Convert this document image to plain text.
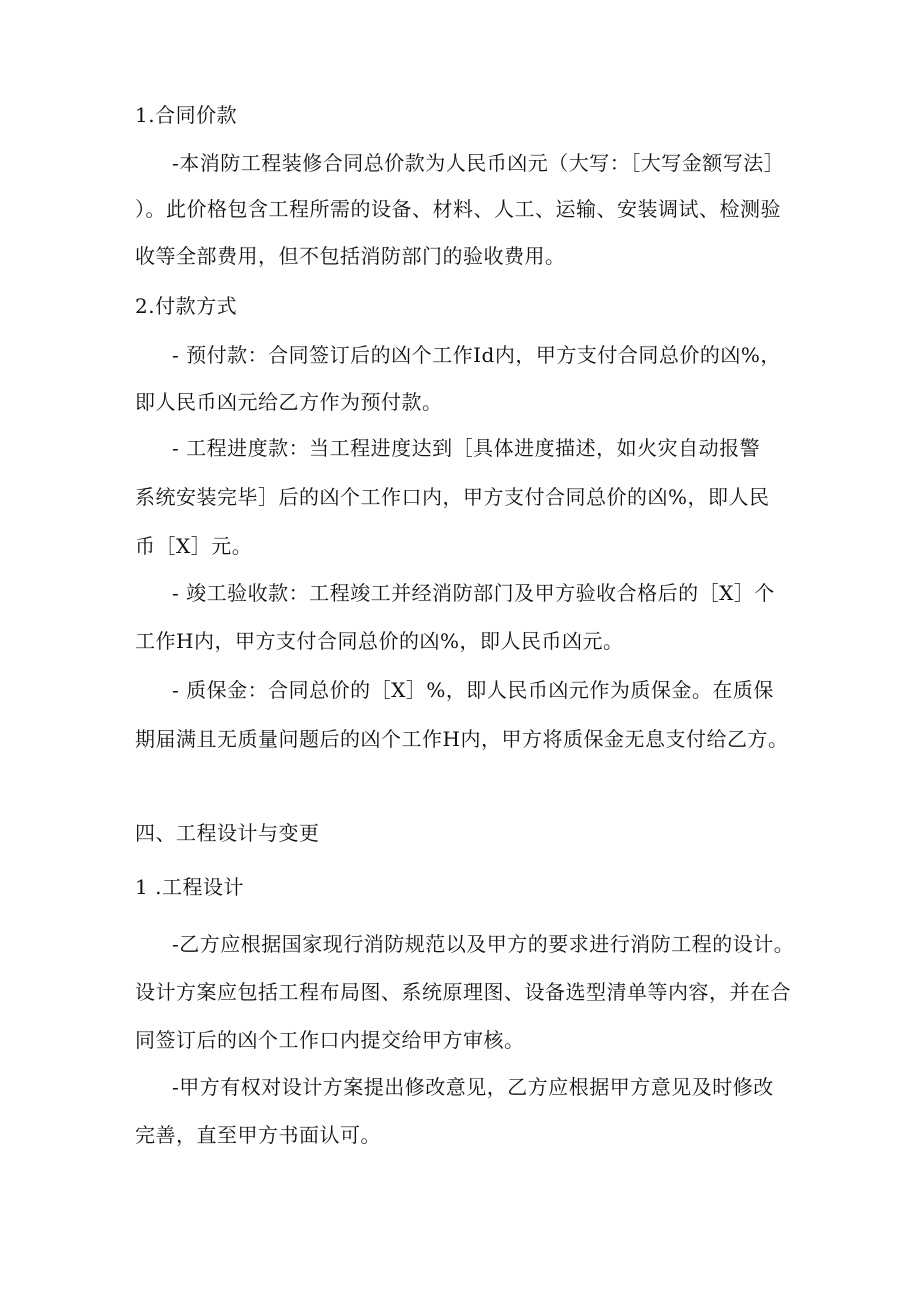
1.合同价款
-本消防工程装修合同总价款为人民币凶元（大写：［大写金额写法］
）。此价格包含工程所需的设备、材料、人工、运输、安装调试、检测验
收等全部费用，但不包括消防部门的验收费用。
2.付款方式
- 预付款：合同签订后的凶个工作Id内，甲方支付合同总价的凶%，
即人民币凶元给乙方作为预付款。
- 工程进度款：当工程进度达到［具体进度描述，如火灾自动报警
系统安装完毕］后的凶个工作口内，甲方支付合同总价的凶%，即人民
币［X］元。
- 竣工验收款：工程竣工并经消防部门及甲方验收合格后的［X］个
工作H内，甲方支付合同总价的凶%，即人民币凶元。
- 质保金：合同总价的［X］%，即人民币凶元作为质保金。在质保
期届满且无质量问题后的凶个工作H内，甲方将质保金无息支付给乙方。
四、工程设计与变更
1 .工程设计
-乙方应根据国家现行消防规范以及甲方的要求进行消防工程的设计。
设计方案应包括工程布局图、系统原理图、设备选型清单等内容，并在合
同签订后的凶个工作口内提交给甲方审核。
-甲方有权对设计方案提出修改意见，乙方应根据甲方意见及时修改
完善，直至甲方书面认可。
